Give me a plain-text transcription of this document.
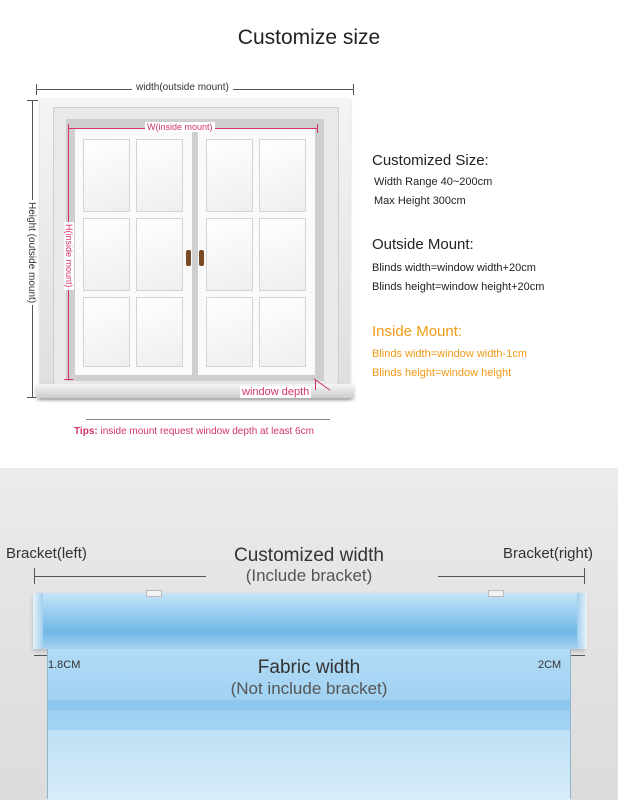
Customize size
width(outside mount)
Height (outside mount)
W(inside mount)
H(inside mount)
window depth
Tips: inside mount request window depth at least 6cm
Customized Size:
Width Range 40~200cm
Max Height 300cm
Outside Mount:
Blinds width=window width+20cm
Blinds height=window height+20cm
Inside Mount:
Blinds width=window width-1cm
Blinds height=window height
Bracket(left)	Bracket(right)
Customized width
(Include bracket)
1.8CM	2CM
Fabric width
(Not include bracket)
